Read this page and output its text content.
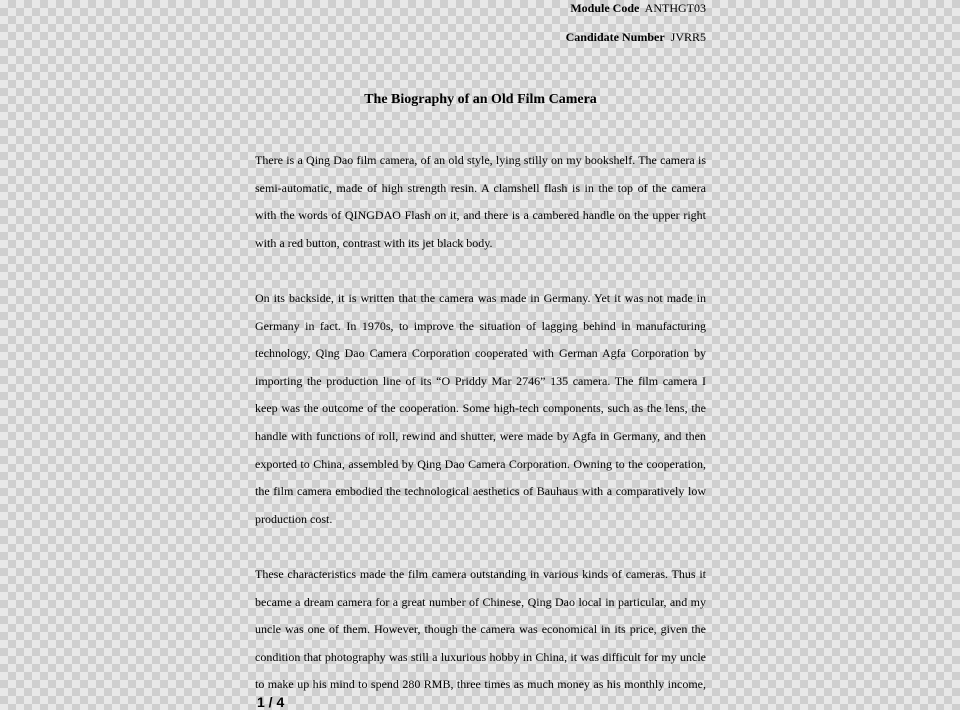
Module Code ANTHGT03
Candidate Number JVRR5
The Biography of an Old Film Camera
There is a Qing Dao film camera, of an old style, lying stilly on my bookshelf. The camera is
semi-automatic, made of high strength resin. A clamshell flash is in the top of the camera
with the words of QINGDAO Flash on it, and there is a cambered handle on the upper right
with a red button, contrast with its jet black body.
On its backside, it is written that the camera was made in Germany. Yet it was not made in
Germany in fact. In 1970s, to improve the situation of lagging behind in manufacturing
technology, Qing Dao Camera Corporation cooperated with German Agfa Corporation by
importing the production line of its “O Priddy Mar 2746” 135 camera. The film camera I
keep was the outcome of the cooperation. Some high-tech components, such as the lens, the
handle with functions of roll, rewind and shutter, were made by Agfa in Germany, and then
exported to China, assembled by Qing Dao Camera Corporation. Owning to the cooperation,
the film camera embodied the technological aesthetics of Bauhaus with a comparatively low
production cost.
These characteristics made the film camera outstanding in various kinds of cameras. Thus it
became a dream camera for a great number of Chinese, Qing Dao local in particular, and my
uncle was one of them. However, though the camera was economical in its price, given the
condition that photography was still a luxurious hobby in China, it was difficult for my uncle
to make up his mind to spend 280 RMB, three times as much money as his monthly income,
1 / 4
